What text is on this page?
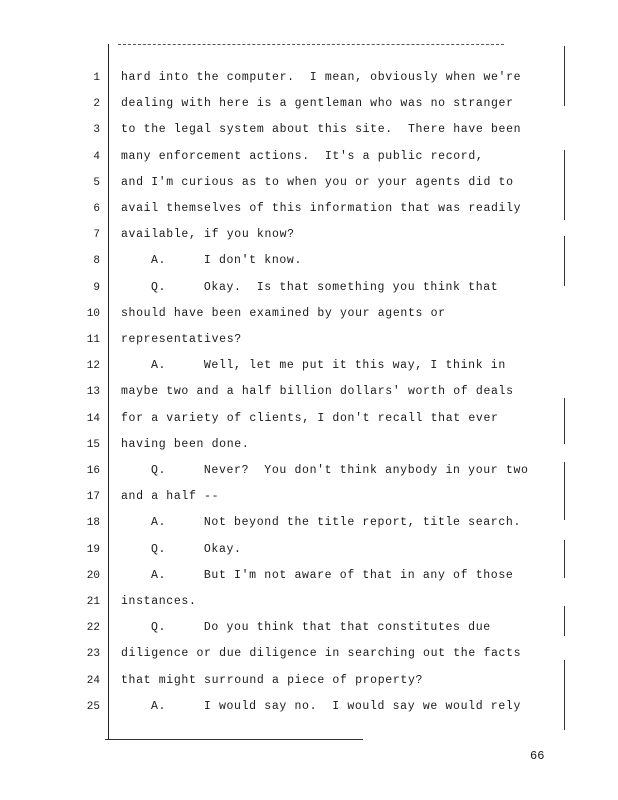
1 hard into the computer.  I mean, obviously when we're
2 dealing with here is a gentleman who was no stranger
3 to the legal system about this site.  There have been
4 many enforcement actions.  It's a public record,
5 and I'm curious as to when you or your agents did to
6 avail themselves of this information that was readily
7 available, if you know?
8	A.     I don't know.
9	Q.     Okay.  Is that something you think that
10 should have been examined by your agents or
11 representatives?
12	A.     Well, let me put it this way, I think in
13 maybe two and a half billion dollars' worth of deals
14 for a variety of clients, I don't recall that ever
15 having been done.
16	Q.     Never?  You don't think anybody in your two
17 and a half --
18	A.     Not beyond the title report, title search.
19	Q.     Okay.
20	A.     But I'm not aware of that in any of those
21 instances.
22	Q.     Do you think that that constitutes due
23 diligence or due diligence in searching out the facts
24 that might surround a piece of property?
25	A.     I would say no.  I would say we would rely
66
